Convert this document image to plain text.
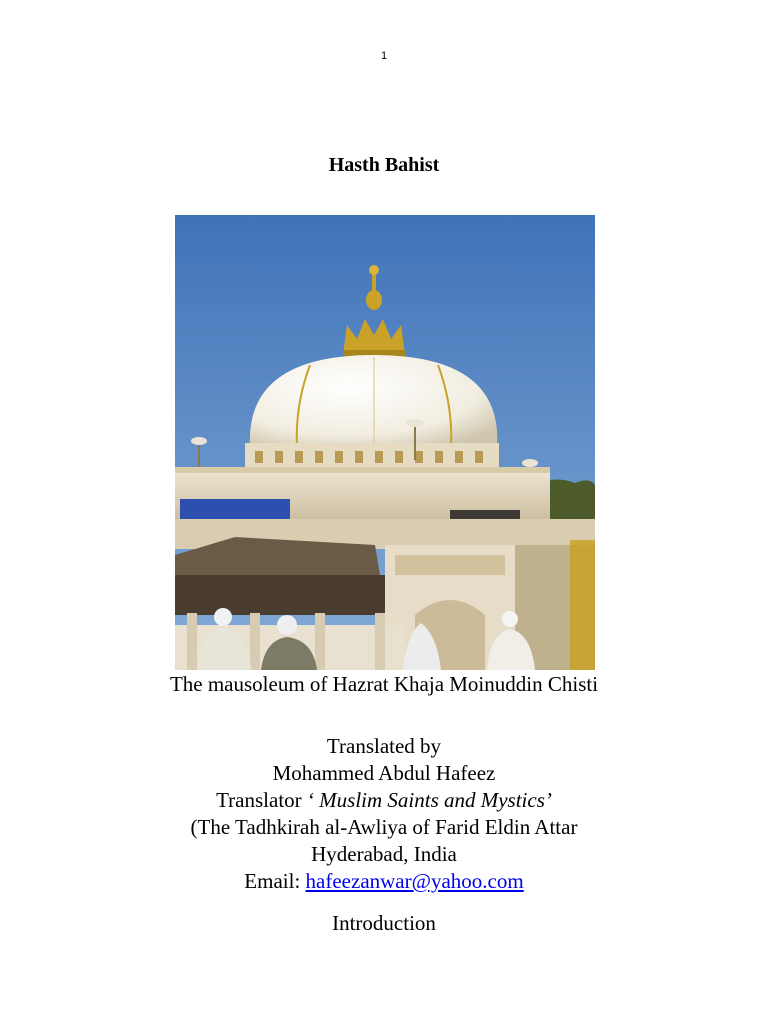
1
Hasth Bahist
The mausoleum of Hazrat Khaja Moinuddin Chisti
Translated by
Mohammed Abdul Hafeez
Translator ‘ Muslim Saints and Mystics’
(The Tadhkirah al-Awliya of Farid Eldin Attar
Hyderabad, India
Email: hafeezanwar@yahoo.com
Introduction
